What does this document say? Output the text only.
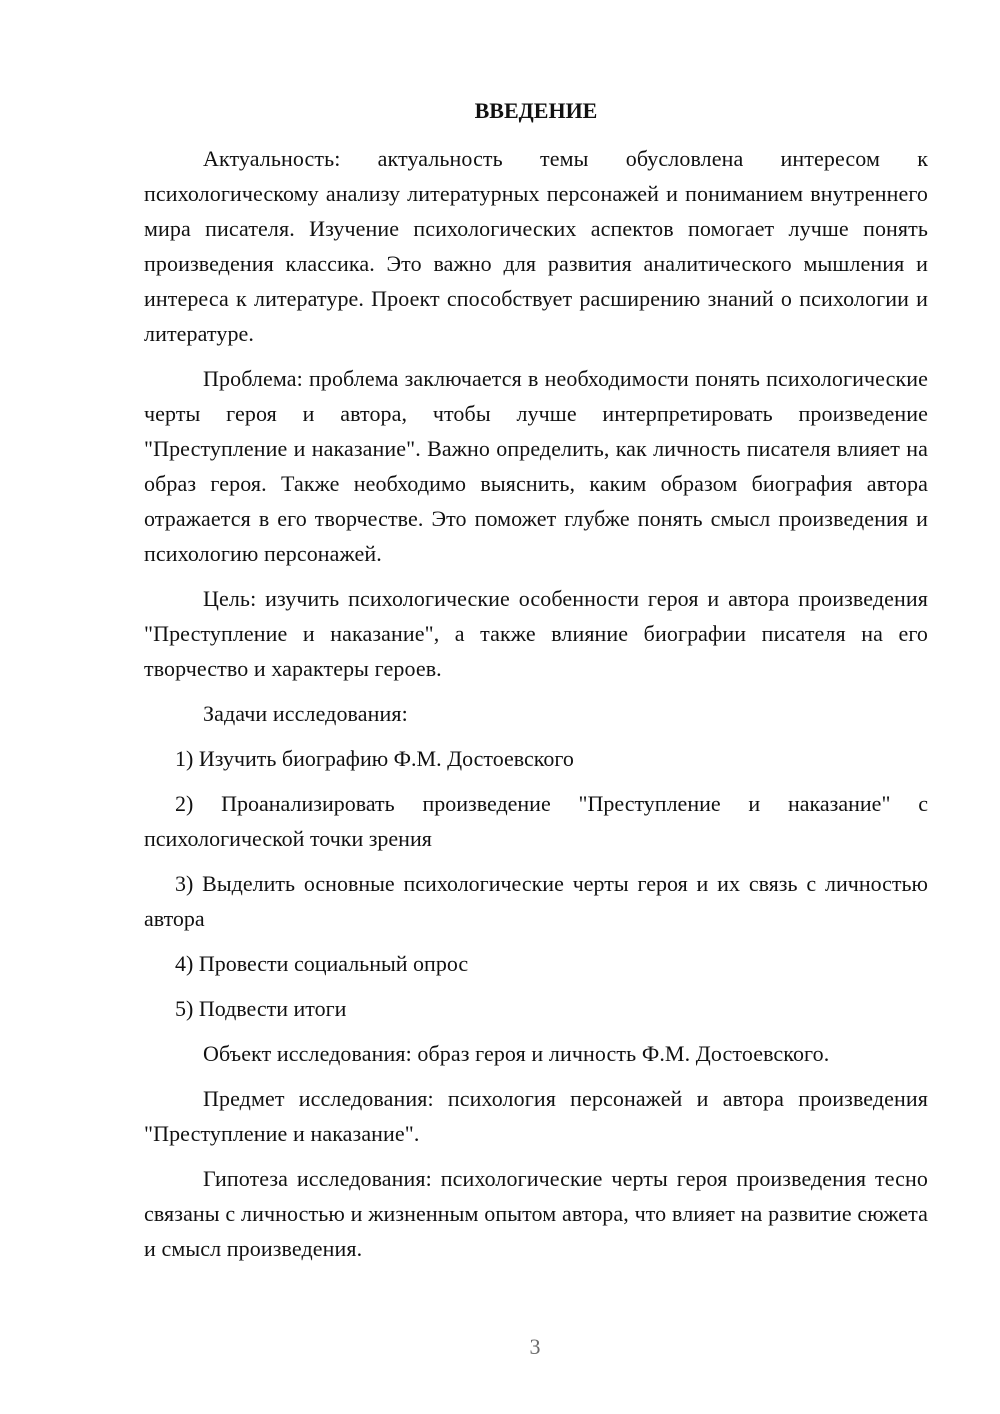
ВВЕДЕНИЕ

Актуальность: актуальность темы обусловлена интересом к психологическому анализу литературных персонажей и пониманием внутреннего мира писателя. Изучение психологических аспектов помогает лучше понять произведения классика. Это важно для развития аналитического мышления и интереса к литературе. Проект способствует расширению знаний о психологии и литературе.

Проблема: проблема заключается в необходимости понять психологические черты героя и автора, чтобы лучше интерпретировать произведение "Преступление и наказание". Важно определить, как личность писателя влияет на образ героя. Также необходимо выяснить, каким образом биография автора отражается в его творчестве. Это поможет глубже понять смысл произведения и психологию персонажей.

Цель: изучить психологические особенности героя и автора произведения "Преступление и наказание", а также влияние биографии писателя на его творчество и характеры героев.

Задачи исследования:

1) Изучить биографию Ф.М. Достоевского

2) Проанализировать произведение "Преступление и наказание" с психологической точки зрения

3) Выделить основные психологические черты героя и их связь с личностью автора

4) Провести социальный опрос

5) Подвести итоги

Объект исследования: образ героя и личность Ф.М. Достоевского.

Предмет исследования: психология персонажей и автора произведения "Преступление и наказание".

Гипотеза исследования: психологические черты героя произведения тесно связаны с личностью и жизненным опытом автора, что влияет на развитие сюжета и смысл произведения.

3
